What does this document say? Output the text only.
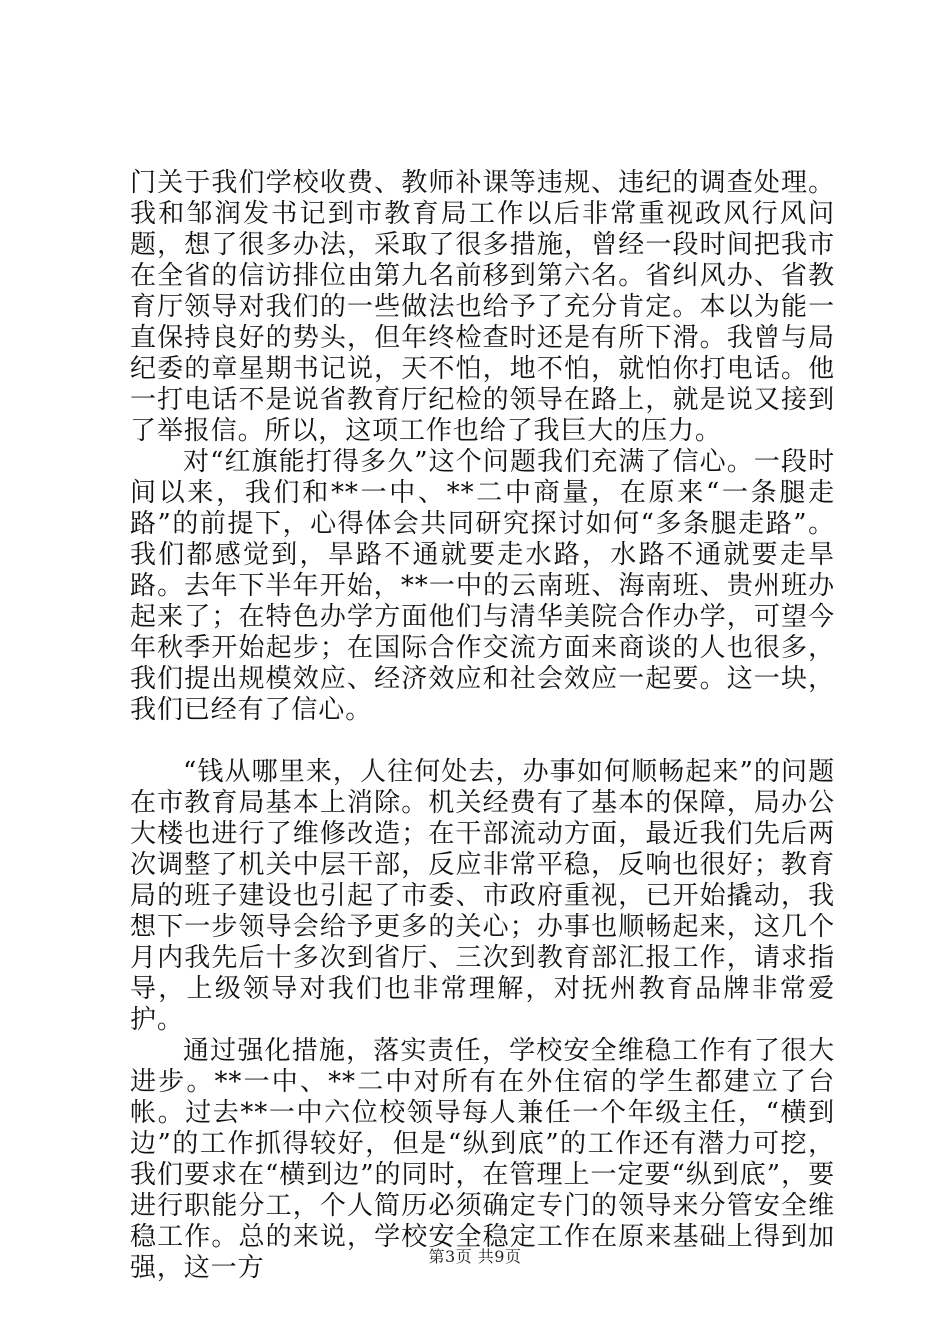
门关于我们学校收费、教师补课等违规、违纪的调查处理。我和邹润发书记到市教育局工作以后非常重视政风行风问题，想了很多办法，采取了很多措施，曾经一段时间把我市在全省的信访排位由第九名前移到第六名。省纠风办、省教育厅领导对我们的一些做法也给予了充分肯定。本以为能一直保持良好的势头，但年终检查时还是有所下滑。我曾与局纪委的章星期书记说，天不怕，地不怕，就怕你打电话。他一打电话不是说省教育厅纪检的领导在路上，就是说又接到了举报信。所以，这项工作也给了我巨大的压力。

对“红旗能打得多久”这个问题我们充满了信心。一段时间以来，我们和**一中、**二中商量，在原来“一条腿走路”的前提下，心得体会共同研究探讨如何“多条腿走路”。我们都感觉到，旱路不通就要走水路，水路不通就要走旱路。去年下半年开始，**一中的云南班、海南班、贵州班办起来了；在特色办学方面他们与清华美院合作办学，可望今年秋季开始起步；在国际合作交流方面来商谈的人也很多，我们提出规模效应、经济效应和社会效应一起要。这一块，我们已经有了信心。

“钱从哪里来，人往何处去，办事如何顺畅起来”的问题在市教育局基本上消除。机关经费有了基本的保障，局办公大楼也进行了维修改造；在干部流动方面，最近我们先后两次调整了机关中层干部，反应非常平稳，反响也很好；教育局的班子建设也引起了市委、市政府重视，已开始撬动，我想下一步领导会给予更多的关心；办事也顺畅起来，这几个月内我先后十多次到省厅、三次到教育部汇报工作，请求指导，上级领导对我们也非常理解，对抚州教育品牌非常爱护。

通过强化措施，落实责任，学校安全维稳工作有了很大进步。**一中、**二中对所有在外住宿的学生都建立了台帐。过去**一中六位校领导每人兼任一个年级主任，“横到边”的工作抓得较好，但是“纵到底”的工作还有潜力可挖，我们要求在“横到边”的同时，在管理上一定要“纵到底”，要进行职能分工，个人简历必须确定专门的领导来分管安全维稳工作。总的来说，学校安全稳定工作在原来基础上得到加强，这一方	第3页 共9页
